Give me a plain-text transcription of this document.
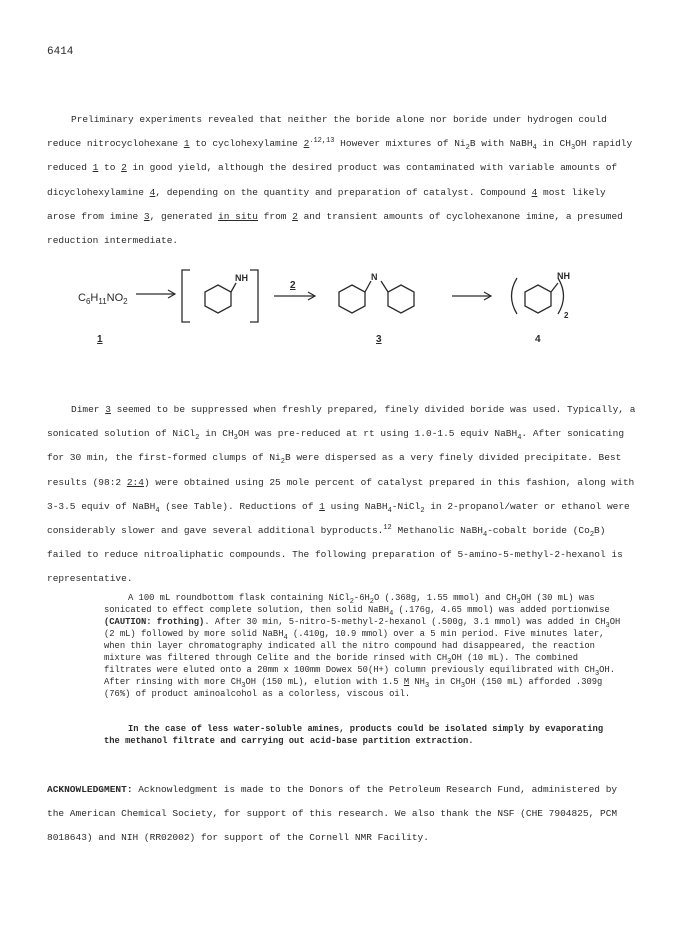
6414

Preliminary experiments revealed that neither the boride alone nor boride under hydrogen could reduce nitrocyclohexane 1 to cyclohexylamine $2^{.12,13}$ However mixtures of $Ni_2B$ with NaBH$_4$ in $CH_3OH$ rapidly reduced 1 to 2 in good yield, although the desired product was contaminated with variable amounts of dicyclohexylamine 4, depending on the quantity and preparation of catalyst. Compound 4 most likely arose from imine 3, generated in situ from 2 and transient amounts of cyclohexanone imine, a presumed reduction intermediate.

$C_6H_{11}NO_2$
NH
2
N	NH
2
1	3	4

Dimer 3 seemed to be suppressed when freshly prepared, finely divided boride was used. Typically, a sonicated solution of NiCl$_2$ in $CH_3OH$ was pre-reduced at rt using 1.0-1.5 equiv NaBH$_4$. After sonicating for 30 min, the first-formed clumps of $Ni_2B$ were dispersed as a very finely divided precipitate. Best results (98:2 2:4) were obtained using 25 mole percent of catalyst prepared in this fashion, along with 3-3.5 equiv of NaBH$_4$ (see Table). Reductions of 1 using NaBH$_4$-NiCl$_2$ in 2-propanol/water or ethanol were considerably slower and gave several additional byproducts.$^{12}$ Methanolic NaBH$_4$-cobalt boride $(Co_2B)$ failed to reduce nitroaliphatic compounds. The following preparation of 5-amino-5-methyl-2-hexanol is representative.

A 100 mL roundbottom flask containing $NiCl_2-6H_2O$ (.368g, 1.55 mmol) and $CH_3OH$ (30 mL) was sonicated to effect complete solution, then solid NaBH$_4$ (.176g, 4.65 mmol) was added portionwise (CAUTION: frothing). After 30 min, 5-nitro-5-methyl-2-hexanol (.500g, 3.1 mmol) was added in $CH_3OH$ (2 mL) followed by more solid NaBH$_4$ (.410g, 10.9 mmol) over a 5 min period. Five minutes later, when thin layer chromatography indicated all the nitro compound had disappeared, the reaction mixture was filtered through Celite and the boride rinsed with $CH_3OH$ (10 mL). The combined filtrates were eluted onto a 20mm x 100mm Dowex 50(H+) column previously equilibrated with $CH_3OH$. After rinsing with more $CH_3OH$ (150 mL), elution with 1.5 M $NH_3$ in $CH_3OH$ (150 mL) afforded .309g (76%) of product aminoalcohol as a colorless, viscous oil.

In the case of less water-soluble amines, products could be isolated simply by evaporating the methanol filtrate and carrying out acid-base partition extraction.

ACKNOWLEDGMENT: Acknowledgment is made to the Donors of the Petroleum Research Fund, administered by the American Chemical Society, for support of this research. We also thank the NSF (CHE 7904825, PCM 8018643) and NIH (RR02002) for support of the Cornell NMR Facility.
